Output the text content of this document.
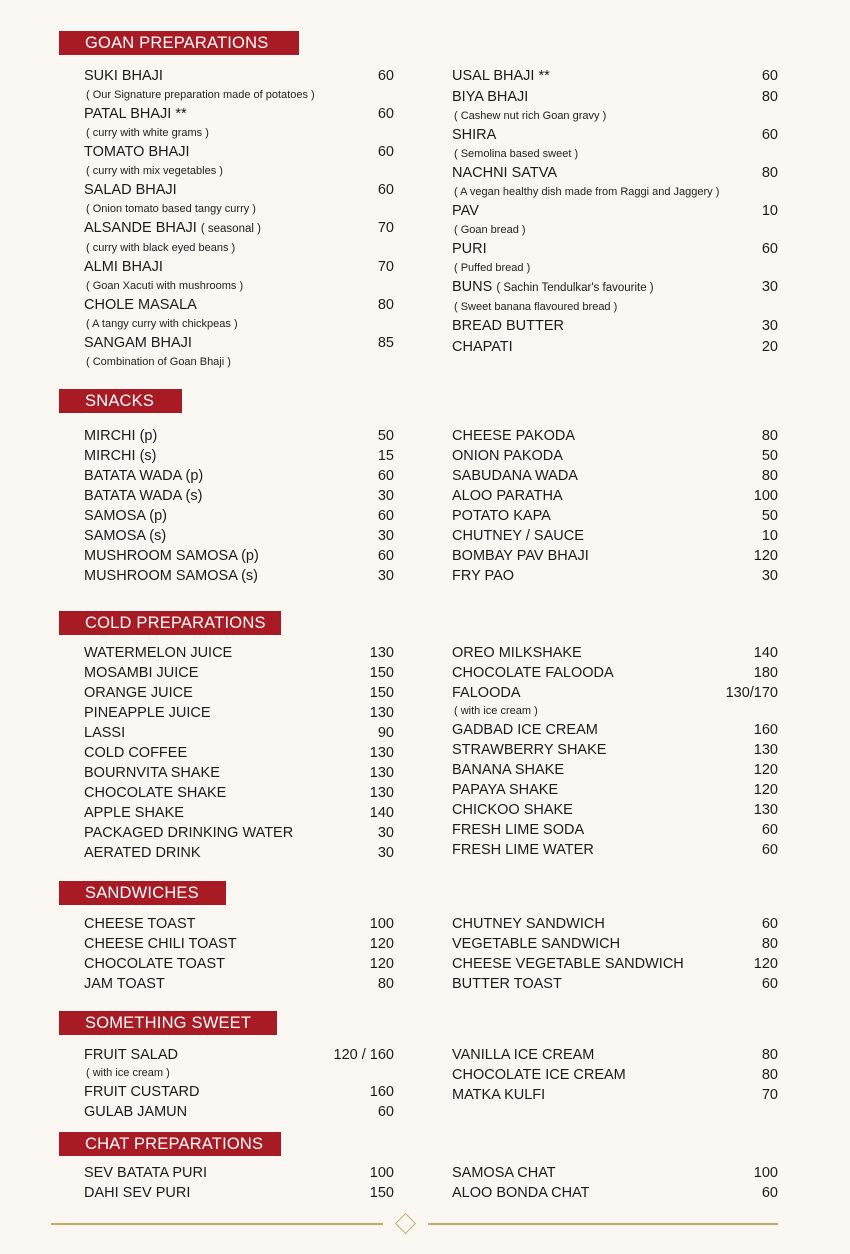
GOAN PREPARATIONS
SUKI BHAJI	60
( Our Signature preparation made of potatoes )
PATAL BHAJI **	60
( curry with white grams )
TOMATO BHAJI	60
( curry with mix vegetables )
SALAD BHAJI	60
( Onion tomato based tangy curry )
ALSANDE BHAJI ( seasonal )	70
( curry with black eyed beans )
ALMI BHAJI	70
( Goan Xacuti with mushrooms )
CHOLE MASALA	80
( A tangy curry with chickpeas )
SANGAM BHAJI	85
( Combination of Goan Bhaji )
USAL BHAJI **	60
BIYA BHAJI	80
( Cashew nut rich Goan gravy )
SHIRA	60
( Semolina based sweet )
NACHNI SATVA	80
( A vegan healthy dish made from Raggi and Jaggery )
PAV	10
( Goan bread )
PURI	60
( Puffed bread )
BUNS ( Sachin Tendulkar's favourite )	30
( Sweet banana flavoured bread )
BREAD BUTTER	30
CHAPATI	20
SNACKS
MIRCHI (p)	50
MIRCHI (s)	15
BATATA WADA (p)	60
BATATA WADA (s)	30
SAMOSA (p)	60
SAMOSA (s)	30
MUSHROOM SAMOSA (p)	60
MUSHROOM SAMOSA (s)	30
CHEESE PAKODA	80
ONION PAKODA	50
SABUDANA WADA	80
ALOO PARATHA	100
POTATO KAPA	50
CHUTNEY / SAUCE	10
BOMBAY PAV BHAJI	120
FRY PAO	30
COLD PREPARATIONS
WATERMELON JUICE	130
MOSAMBI JUICE	150
ORANGE JUICE	150
PINEAPPLE JUICE	130
LASSI	90
COLD COFFEE	130
BOURNVITA SHAKE	130
CHOCOLATE SHAKE	130
APPLE SHAKE	140
PACKAGED DRINKING WATER	30
AERATED DRINK	30
OREO MILKSHAKE	140
CHOCOLATE FALOODA	180
FALOODA	130/170
( with ice cream )
GADBAD ICE CREAM	160
STRAWBERRY SHAKE	130
BANANA SHAKE	120
PAPAYA SHAKE	120
CHICKOO SHAKE	130
FRESH LIME SODA	60
FRESH LIME WATER	60
SANDWICHES
CHEESE TOAST	100
CHEESE CHILI TOAST	120
CHOCOLATE TOAST	120
JAM TOAST	80
CHUTNEY SANDWICH	60
VEGETABLE SANDWICH	80
CHEESE VEGETABLE SANDWICH	120
BUTTER TOAST	60
SOMETHING SWEET
FRUIT SALAD	120 / 160
( with ice cream )
FRUIT CUSTARD	160
GULAB JAMUN	60
VANILLA ICE CREAM	80
CHOCOLATE ICE CREAM	80
MATKA KULFI	70
CHAT PREPARATIONS
SEV BATATA PURI	100
DAHI SEV PURI	150
SAMOSA CHAT	100
ALOO BONDA CHAT	60
